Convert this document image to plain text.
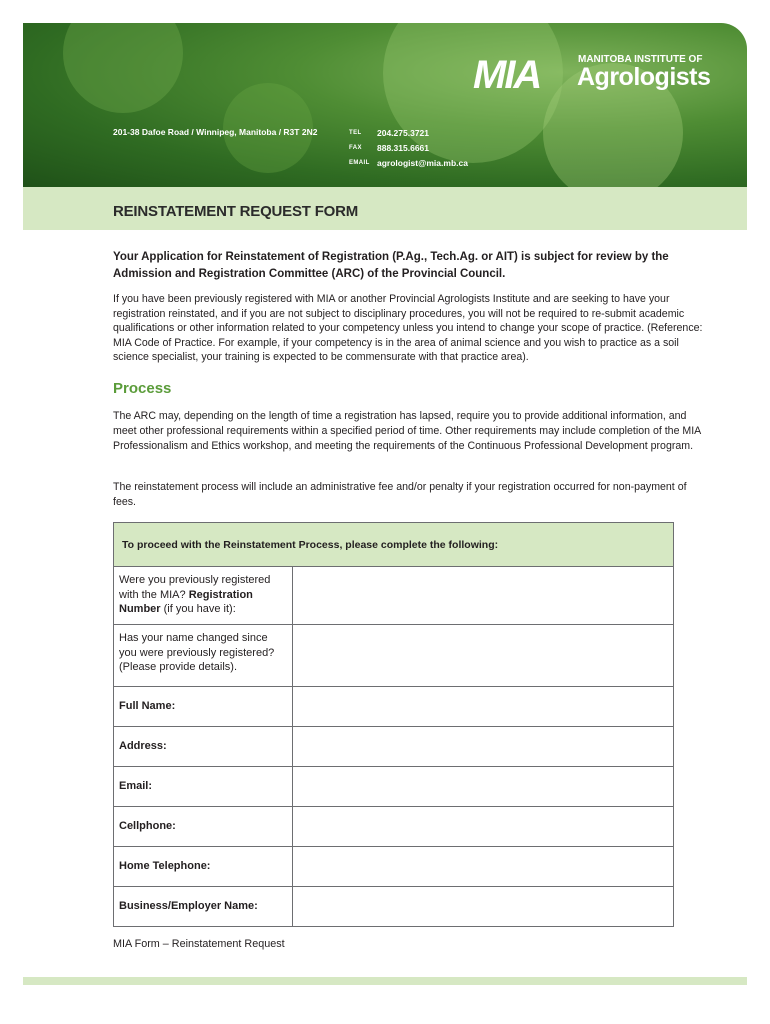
MIA	MANITOBA INSTITUTE OF
Agrologists
201-38 Dafoe Road / Winnipeg, Manitoba / R3T 2N2	TEL	204.275.3721
FAX	888.315.6661
EMAIL agrologist@mia.mb.ca
REINSTATEMENT REQUEST FORM

Your Application for Reinstatement of Registration (P.Ag., Tech.Ag. or AIT) is subject for review by the Admission and Registration Committee (ARC) of the Provincial Council.

If you have been previously registered with MIA or another Provincial Agrologists Institute and are seeking to have your registration reinstated, and if you are not subject to disciplinary procedures, you will not be required to re-submit academic qualifications or other information related to your competency unless you intend to change your scope of practice. (Reference: MIA Code of Practice. For example, if your competency is in the area of animal science and you wish to practice as a soil science specialist, your training is expected to be commensurate with that practice area).

Process

The ARC may, depending on the length of time a registration has lapsed, require you to provide additional information, and meet other professional requirements within a specified period of time. Other requirements may include completion of the MIA Professionalism and Ethics workshop, and meeting the requirements of the Continuous Professional Development program.

The reinstatement process will include an administrative fee and/or penalty if your registration occurred for non-payment of fees.

To proceed with the Reinstatement Process, please complete the following:	
Were you previously registered with the MIA? Registration Number (if you have it):	
Has your name changed since you were previously registered? (Please provide details).	
Full Name:	
Address:	
Email:	
Cellphone:	
Home Telephone:	
Business/Employer Name:	
MIA Form – Reinstatement Request
